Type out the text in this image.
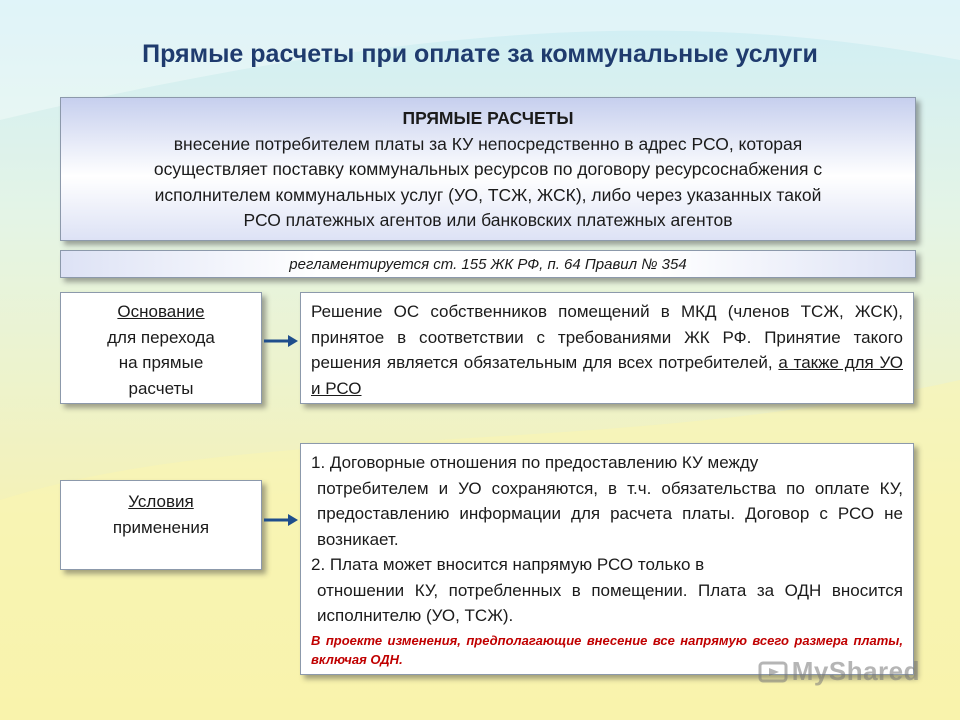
Прямые расчеты при оплате за коммунальные услуги
ПРЯМЫЕ РАСЧЕТЫ
внесение потребителем платы за КУ непосредственно в адрес РСО, которая
осуществляет поставку коммунальных ресурсов по договору ресурсоснабжения с
исполнителем коммунальных услуг (УО, ТСЖ, ЖСК), либо через указанных такой
РСО платежных агентов или банковских платежных агентов
регламентируется ст. 155 ЖК РФ, п. 64 Правил № 354
Основание
для перехода
на прямые
расчеты
Решение ОС собственников помещений в МКД (членов ТСЖ, ЖСК), принятое в соответствии с требованиями ЖК РФ. Принятие такого решения является обязательным для всех потребителей, а также для УО и РСО
Условия
применения
1. Договорные отношения по предоставлению КУ между
потребителем и УО сохраняются, в т.ч. обязательства по оплате КУ, предоставлению информации для расчета платы. Договор с РСО не возникает.
2. Плата может вносится напрямую РСО только в
отношении КУ, потребленных в помещении. Плата за ОДН вносится исполнителю (УО, ТСЖ).
В проекте изменения, предполагающие внесение все напрямую всего размера платы, включая ОДН.	MyShared
